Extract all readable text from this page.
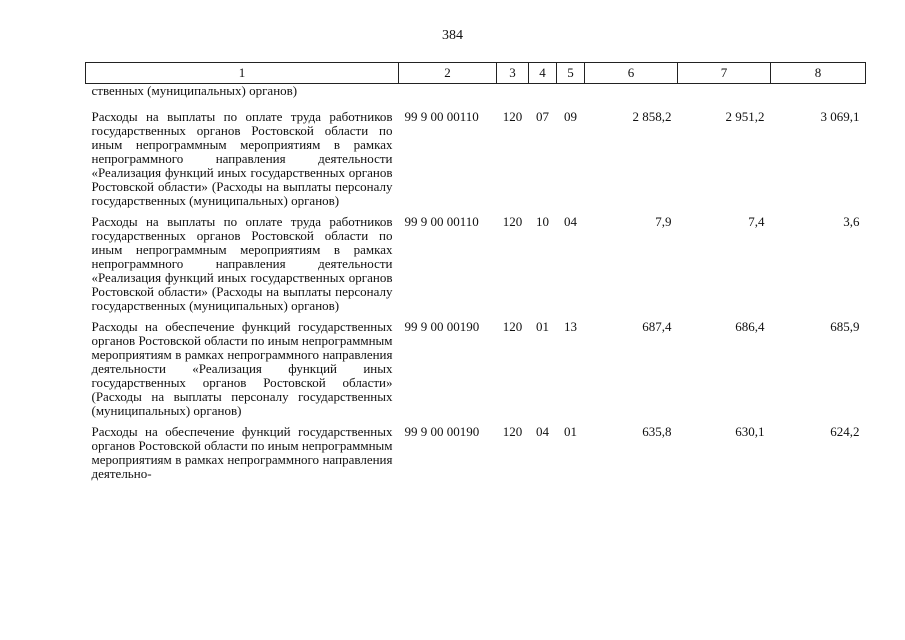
384
1	2	3	4	5	6	7	8
ственных (муниципальных) органов)							
Расходы на выплаты по оплате труда работников государственных органов Ростовской области по иным непрограммным мероприятиям в рамках непрограммного направления деятельности «Реализация функций иных государственных органов Ростовской области» (Расходы на выплаты персоналу государственных (муниципальных) органов)	99 9 00 00110	120	07	09	2 858,2	2 951,2	3 069,1
Расходы на выплаты по оплате труда работников государственных органов Ростовской области по иным непрограммным мероприятиям в рамках непрограммного направления деятельности «Реализация функций иных государственных органов Ростовской области» (Расходы на выплаты персоналу государственных (муниципальных) органов)	99 9 00 00110	120	10	04	7,9	7,4	3,6
Расходы на обеспечение функций государственных органов Ростовской области по иным непрограммным мероприятиям в рамках непрограммного направления деятельности «Реализация функций иных государственных органов Ростовской области» (Расходы на выплаты персоналу государственных (муниципальных) органов)	99 9 00 00190	120	01	13	687,4	686,4	685,9
Расходы на обеспечение функций государственных органов Ростовской области по иным непрограммным мероприятиям в рамках непрограммного направления деятельно-	99 9 00 00190	120	04	01	635,8	630,1	624,2
